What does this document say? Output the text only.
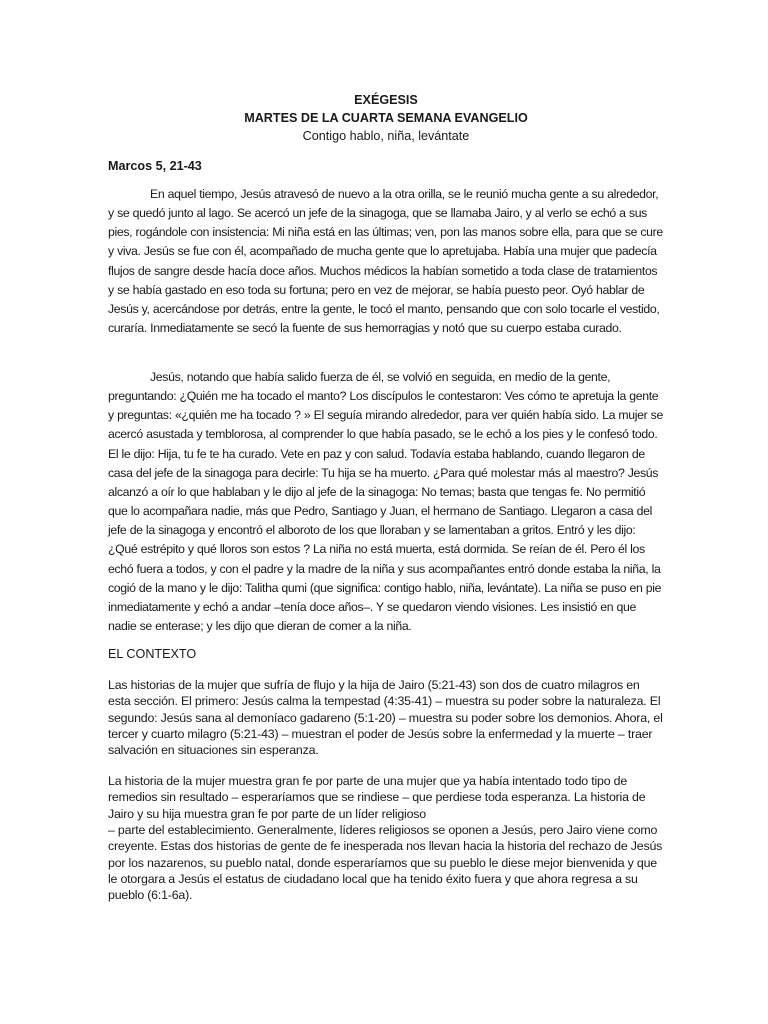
EXÉGESIS
MARTES DE LA CUARTA SEMANA EVANGELIO

Contigo hablo, niña, levántate

Marcos 5, 21-43

En aquel tiempo, Jesús atravesó de nuevo a la otra orilla, se le reunió mucha gente a su alrededor, y se quedó junto al lago. Se acercó un jefe de la sinagoga, que se llamaba Jairo, y al verlo se echó a sus pies, rogándole con insistencia: Mi niña está en las últimas; ven, pon las manos sobre ella, para que se cure y viva. Jesús se fue con él, acompañado de mucha gente que lo apretujaba. Había una mujer que padecía flujos de sangre desde hacía doce años. Muchos médicos la habían sometido a toda clase de tratamientos y se había gastado en eso toda su fortuna; pero en vez de mejorar, se había puesto peor. Oyó hablar de Jesús y, acercándose por detrás, entre la gente, le tocó el manto, pensando que con solo tocarle el vestido, curaría. Inmediatamente se secó la fuente de sus hemorragias y notó que su cuerpo estaba curado.

Jesús, notando que había salido fuerza de él, se volvió en seguida, en medio de la gente, preguntando: ¿Quién me ha tocado el manto? Los discípulos le contestaron: Ves cómo te apretuja la gente y preguntas: «¿quién me ha tocado ? » El seguía mirando alrededor, para ver quién había sido. La mujer se acercó asustada y temblorosa, al comprender lo que había pasado, se le echó a los pies y le confesó todo. El le dijo: Hija, tu fe te ha curado. Vete en paz y con salud. Todavía estaba hablando, cuando llegaron de casa del jefe de la sinagoga para decirle: Tu hija se ha muerto. ¿Para qué molestar más al maestro? Jesús alcanzó a oír lo que hablaban y le dijo al jefe de la sinagoga: No temas; basta que tengas fe. No permitió que lo acompañara nadie, más que Pedro, Santiago y Juan, el hermano de Santiago. Llegaron a casa del jefe de la sinagoga y encontró el alboroto de los que lloraban y se lamentaban a gritos. Entró y les dijo: ¿Qué estrépito y qué lloros son estos ? La niña no está muerta, está dormida. Se reían de él. Pero él los echó fuera a todos, y con el padre y la madre de la niña y sus acompañantes entró donde estaba la niña, la cogió de la mano y le dijo: Talitha qumi (que significa: contigo hablo, niña, levántate). La niña se puso en pie inmediatamente y echó a andar –tenía doce años–. Y se quedaron viendo visiones. Les insistió en que nadie se enterase; y les dijo que dieran de comer a la niña.

EL CONTEXTO

Las historias de la mujer que sufría de flujo y la hija de Jairo (5:21-43) son dos de cuatro milagros en esta sección. El primero: Jesús calma la tempestad (4:35-41) – muestra su poder sobre la naturaleza. El segundo: Jesús sana al demoníaco gadareno (5:1-20) – muestra su poder sobre los demonios. Ahora, el tercer y cuarto milagro (5:21-43) – muestran el poder de Jesús sobre la enfermedad y la muerte – traer salvación en situaciones sin esperanza.

La historia de la mujer muestra gran fe por parte de una mujer que ya había intentado todo tipo de remedios sin resultado – esperaríamos que se rindiese – que perdiese toda esperanza. La historia de Jairo y su hija muestra gran fe por parte de un líder religioso

– parte del establecimiento. Generalmente, líderes religiosos se oponen a Jesús, pero Jairo viene como creyente. Estas dos historias de gente de fe inesperada nos llevan hacia la historia del rechazo de Jesús por los nazarenos, su pueblo natal, donde esperaríamos que su pueblo le diese mejor bienvenida y que le otorgara a Jesús el estatus de ciudadano local que ha tenido éxito fuera y que ahora regresa a su pueblo (6:1-6a).
